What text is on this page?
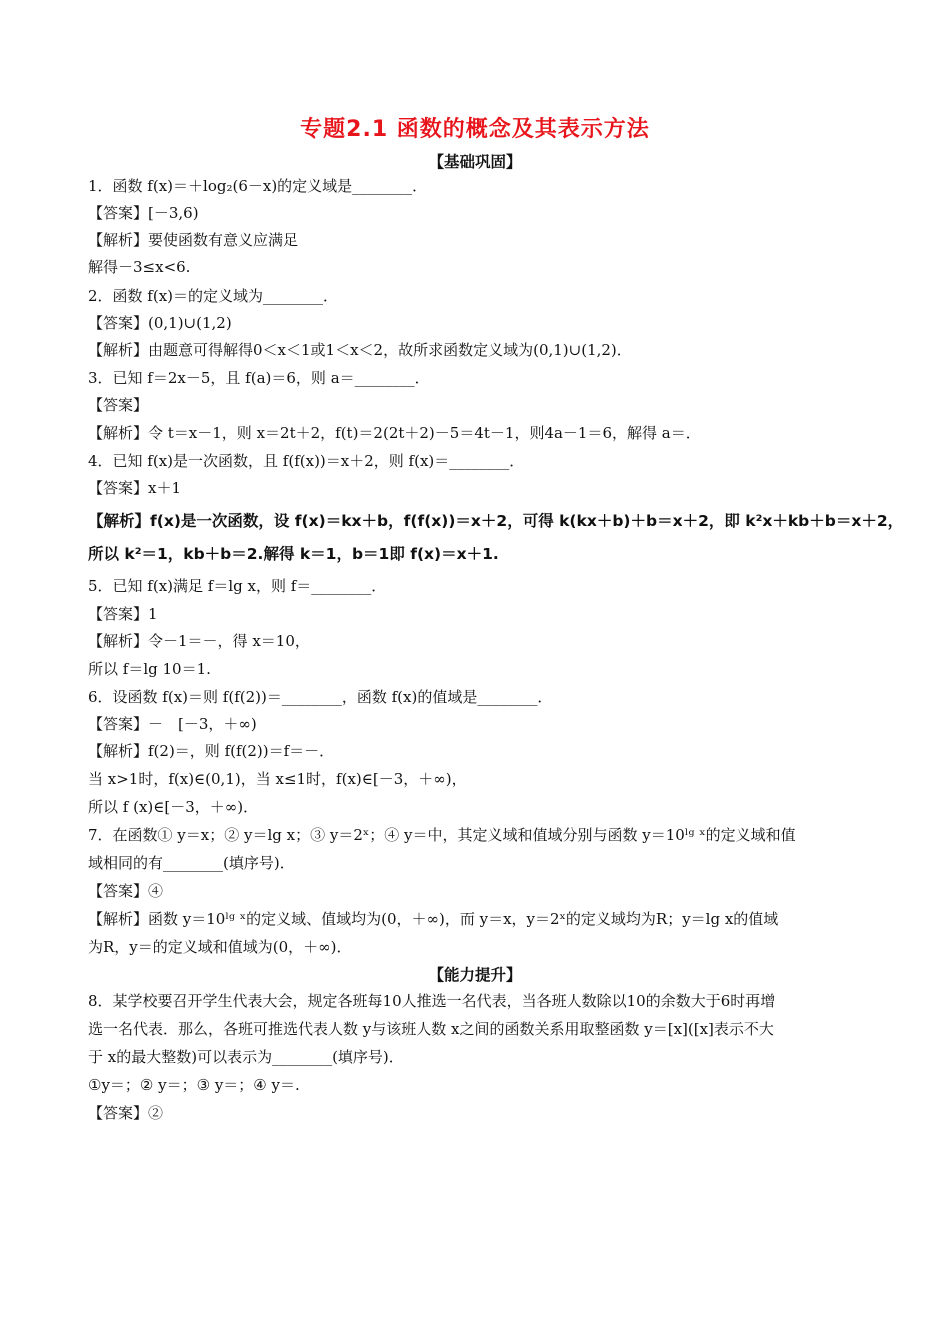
专题2.1 函数的概念及其表示方法
【基础巩固】
1．函数 f(x)＝＋log₂(6－x)的定义域是________．
【答案】[－3,6)
【解析】要使函数有意义应满足
解得－3≤x<6.
2．函数 f(x)＝的定义域为________．
【答案】(0,1)∪(1,2)
【解析】由题意可得解得0＜x＜1或1＜x＜2，故所求函数定义域为(0,1)∪(1,2)．
3．已知 f＝2x－5，且 f(a)＝6，则 a＝________．
【答案】
【解析】令 t＝x－1，则 x＝2t＋2，f(t)＝2(2t＋2)－5＝4t－1，则4a－1＝6，解得 a＝．
4．已知 f(x)是一次函数，且 f(f(x))＝x＋2，则 f(x)＝________．
【答案】x＋1
【解析】f(x)是一次函数，设 f(x)＝kx＋b，f(f(x))＝x＋2，可得 k(kx＋b)＋b＝x＋2，即 k²x＋kb＋b＝x＋2，
所以 k²＝1，kb＋b＝2.解得 k＝1，b＝1即 f(x)＝x＋1.
5．已知 f(x)满足 f＝lg x，则 f＝________．
【答案】1
【解析】令－1＝－，得 x＝10，
所以 f＝lg 10＝1.
6．设函数 f(x)＝则 f(f(2))＝________，函数 f(x)的值域是________．
【答案】－　[－3，＋∞)
【解析】f(2)＝，则 f(f(2))＝f＝－．
当 x>1时，f(x)∈(0,1)，当 x≤1时，f(x)∈[－3，＋∞)，
所以 f (x)∈[－3，＋∞)．
7．在函数① y＝x；② y＝lg x；③ y＝2ˣ；④ y＝中，其定义域和值域分别与函数 y＝10ˡᵍ ˣ的定义域和值
域相同的有________(填序号)．
【答案】④
【解析】函数 y＝10ˡᵍ ˣ的定义域、值域均为(0，＋∞)，而 y＝x，y＝2ˣ的定义域均为R；y＝lg x的值域
为R，y＝的定义域和值域为(0，＋∞)．
【能力提升】
8．某学校要召开学生代表大会，规定各班每10人推选一名代表，当各班人数除以10的余数大于6时再增
选一名代表．那么，各班可推选代表人数 y与该班人数 x之间的函数关系用取整函数 y＝[x]([x]表示不大
于 x的最大整数)可以表示为________(填序号)．
①y＝；② y＝；③ y＝；④ y＝.
【答案】②
